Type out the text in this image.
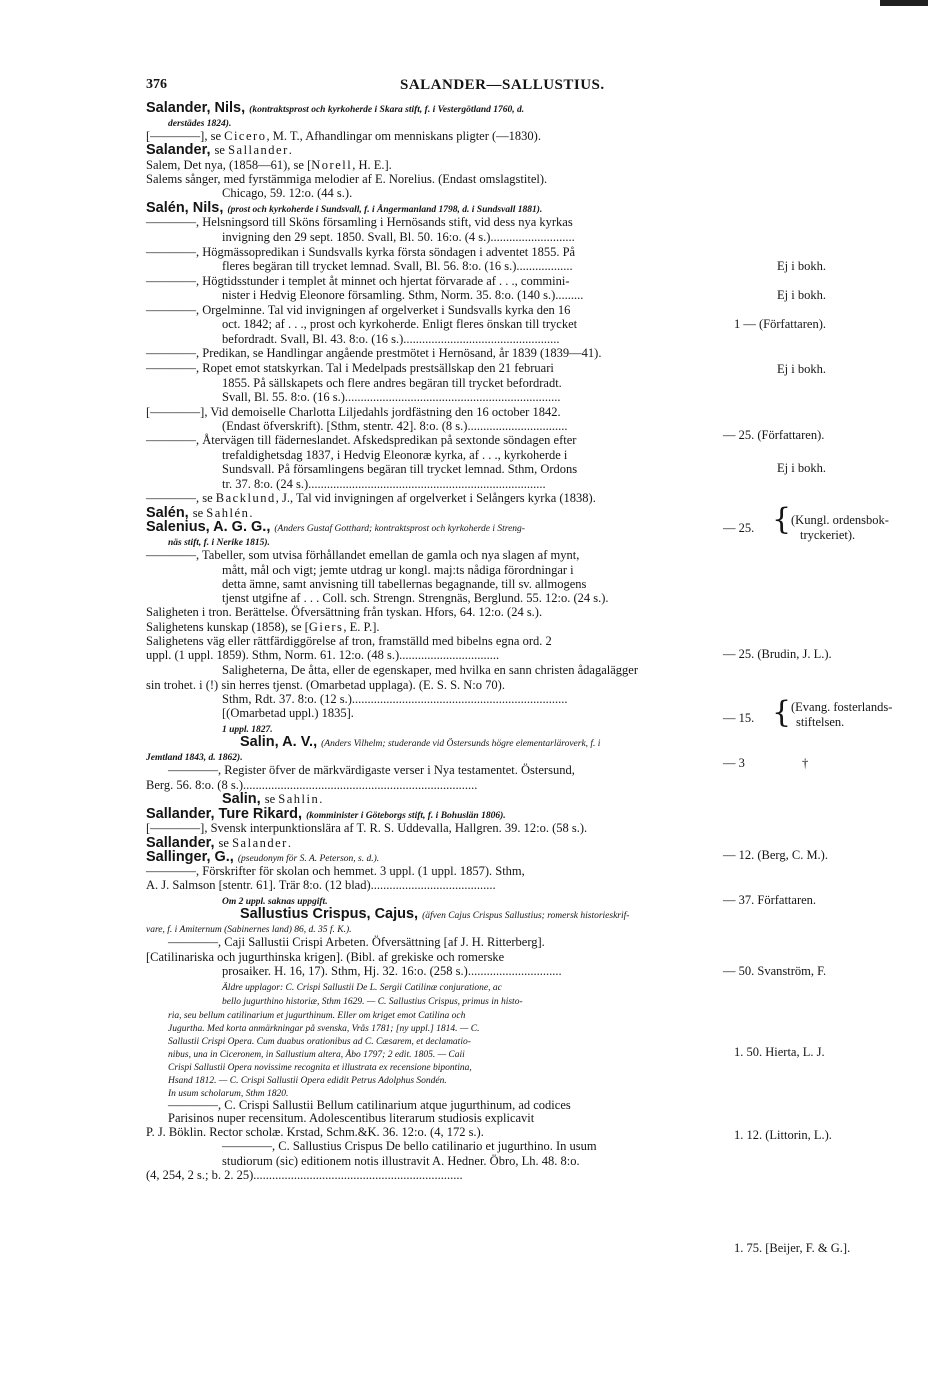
376	SALANDER—SALLUSTIUS.
Salander, Nils, (kontraktsprost och kyrkoherde i Skara stift, f. i Vestergötland 1760, d.
derstädes 1824).
[————], se Cicero, M. T., Afhandlingar om menniskans pligter (—1830).
Salander, se Sallander.
Salem, Det nya, (1858—61), se [Norell, H. E.].
Salems sånger, med fyrstämmiga melodier af E. Norelius. (Endast omslagstitel).
Chicago, 59. 12:o. (44 s.).
Salén, Nils, (prost och kyrkoherde i Sundsvall, f. i Ångermanland 1798, d. i Sundsvall 1881).
————, Helsningsord till Sköns församling i Hernösands stift, vid dess nya kyrkas
invigning den 29 sept. 1850. Svall, Bl. 50. 16:o. (4 s.)...........................
————, Högmässopredikan i Sundsvalls kyrka första söndagen i adventet 1855. På
fleres begäran till trycket lemnad. Svall, Bl. 56. 8:o. (16 s.)..................
————, Högtidsstunder i templet åt minnet och hjertat förvarade af . . ., commini-
nister i Hedvig Eleonore församling. Sthm, Norm. 35. 8:o. (140 s.).........
————, Orgelminne. Tal vid invigningen af orgelverket i Sundsvalls kyrka den 16
oct. 1842; af . . ., prost och kyrkoherde. Enligt fleres önskan till trycket
befordradt. Svall, Bl. 43. 8:o. (16 s.)..................................................
————, Predikan, se Handlingar angående prestmötet i Hernösand, år 1839 (1839—41).
————, Ropet emot statskyrkan. Tal i Medelpads prestsällskap den 21 februari
1855. På sällskapets och flere andres begäran till trycket befordradt.
Svall, Bl. 55. 8:o. (16 s.).....................................................................
[————], Vid demoiselle Charlotta Liljedahls jordfästning den 16 october 1842.
(Endast öfverskrift). [Sthm, stentr. 42]. 8:o. (8 s.)................................
————, Återvägen till fäderneslandet. Afskedspredikan på sextonde söndagen efter
trefaldighetsdag 1837, i Hedvig Eleonoræ kyrka, af . . ., kyrkoherde i
Sundsvall. På församlingens begäran till trycket lemnad. Sthm, Ordons
tr. 37. 8:o. (24 s.)............................................................................
————, se Backlund, J., Tal vid invigningen af orgelverket i Selångers kyrka (1838).
Salén, se Sahlén.
Salenius, A. G. G., (Anders Gustaf Gotthard; kontraktsprost och kyrkoherde i Streng-
näs stift, f. i Nerike 1815).
————, Tabeller, som utvisa förhållandet emellan de gamla och nya slagen af mynt,
mått, mål och vigt; jemte utdrag ur kongl. maj:ts nådiga förordningar i
detta ämne, samt anvisning till tabellernas begagnande, till sv. allmogens
tjenst utgifne af . . . Coll. sch. Strengn. Strengnäs, Berglund. 55. 12:o. (24 s.).
Saligheten i tron. Berättelse. Öfversättning från tyskan. Hfors, 64. 12:o. (24 s.).
Salighetens kunskap (1858), se [Giers, E. P.].
Salighetens väg eller rättfärdiggörelse af tron, framställd med bibelns egna ord. 2
uppl. (1 uppl. 1859). Sthm, Norm. 61. 12:o. (48 s.)................................
Saligheterna, De åtta, eller de egenskaper, med hvilka en sann christen ådagalägger
sin trohet. i (!) sin herres tjenst. (Omarbetad upplaga). (E. S. S. N:o 70).
Sthm, Rdt. 37. 8:o. (12 s.).....................................................................
[(Omarbetad uppl.) 1835].
1 uppl. 1827.
Salin, A. V., (Anders Vilhelm; studerande vid Östersunds högre elementarläroverk, f. i
Jemtland 1843, d. 1862).
————, Register öfver de märkvärdigaste verser i Nya testamentet. Östersund,
Berg. 56. 8:o. (8 s.)...........................................................................
Salin, se Sahlin.
Sallander, Ture Rikard, (komminister i Göteborgs stift, f. i Bohuslän 1806).
[————], Svensk interpunktionslära af T. R. S. Uddevalla, Hallgren. 39. 12:o. (58 s.).
Sallander, se Salander.
Sallinger, G., (pseudonym för S. A. Peterson, s. d.).
————, Förskrifter för skolan och hemmet. 3 uppl. (1 uppl. 1857). Sthm,
A. J. Salmson [stentr. 61]. Trär 8:o. (12 blad)........................................
Om 2 uppl. saknas uppgift.
Sallustius Crispus, Cajus, (äfven Cajus Crispus Sallustius; romersk historieskrif-
vare, f. i Amiternum (Sabinernes land) 86, d. 35 f. K.).
————, Caji Sallustii Crispi Arbeten. Öfversättning [af J. H. Ritterberg].
[Catilinariska och jugurthinska krigen]. (Bibl. af grekiske och romerske
prosaiker. H. 16, 17). Sthm, Hj. 32. 16:o. (258 s.)..............................
Äldre upplagor: C. Crispi Sallustii De L. Sergii Catilinæ conjuratione, ac
bello jugurthino historiæ, Sthm 1629. — C. Sallustius Crispus, primus in histo-
ria, seu bellum catilinarium et jugurthinum. Eller om kriget emot Catilina och
Jugurtha. Med korta anmärkningar på svenska, Vrås 1781; [ny uppl.] 1814. — C.
Sallustii Crispi Opera. Cum duabus orationibus ad C. Cæsarem, et declamatio-
nibus, una in Ciceronem, in Sallustium altera, Åbo 1797; 2 edit. 1805. — Caii
Crispi Sallustii Opera novissime recognita et illustrata ex recensione bipontina,
Hsand 1812. — C. Crispi Sallustii Opera edidit Petrus Adolphus Sondén.
In usum scholarum, Sthm 1820.
————, C. Crispi Sallustii Bellum catilinarium atque jugurthinum, ad codices
Parisinos nuper recensitum. Adolescentibus literarum studiosis explicavit
P. J. Böklin. Rector scholæ. Krstad, Schm.&K. 36. 12:o. (4, 172 s.).
————, C. Sallustius Crispus De bello catilinario et jugurthino. In usum
studiorum (sic) editionem notis illustravit A. Hedner. Öbro, Lh. 48. 8:o.
(4, 254, 2 s.; b. 2. 25)...................................................................
Ej i bokh.
Ej i bokh.
1 — (Författaren).
Ej i bokh.
— 25. (Författaren).
Ej i bokh.
— 25.
(Kungl. ordensbok-
tryckeriet).
— 25. (Brudin, J. L.).
— 15.
(Evang. fosterlands-
stiftelsen.
— 3	†
— 12. (Berg, C. M.).
— 37. Författaren.
— 50. Svanström, F.
1. 50. Hierta, L. J.
1. 12. (Littorin, L.).
1. 75. [Beijer, F. & G.].
{
{
